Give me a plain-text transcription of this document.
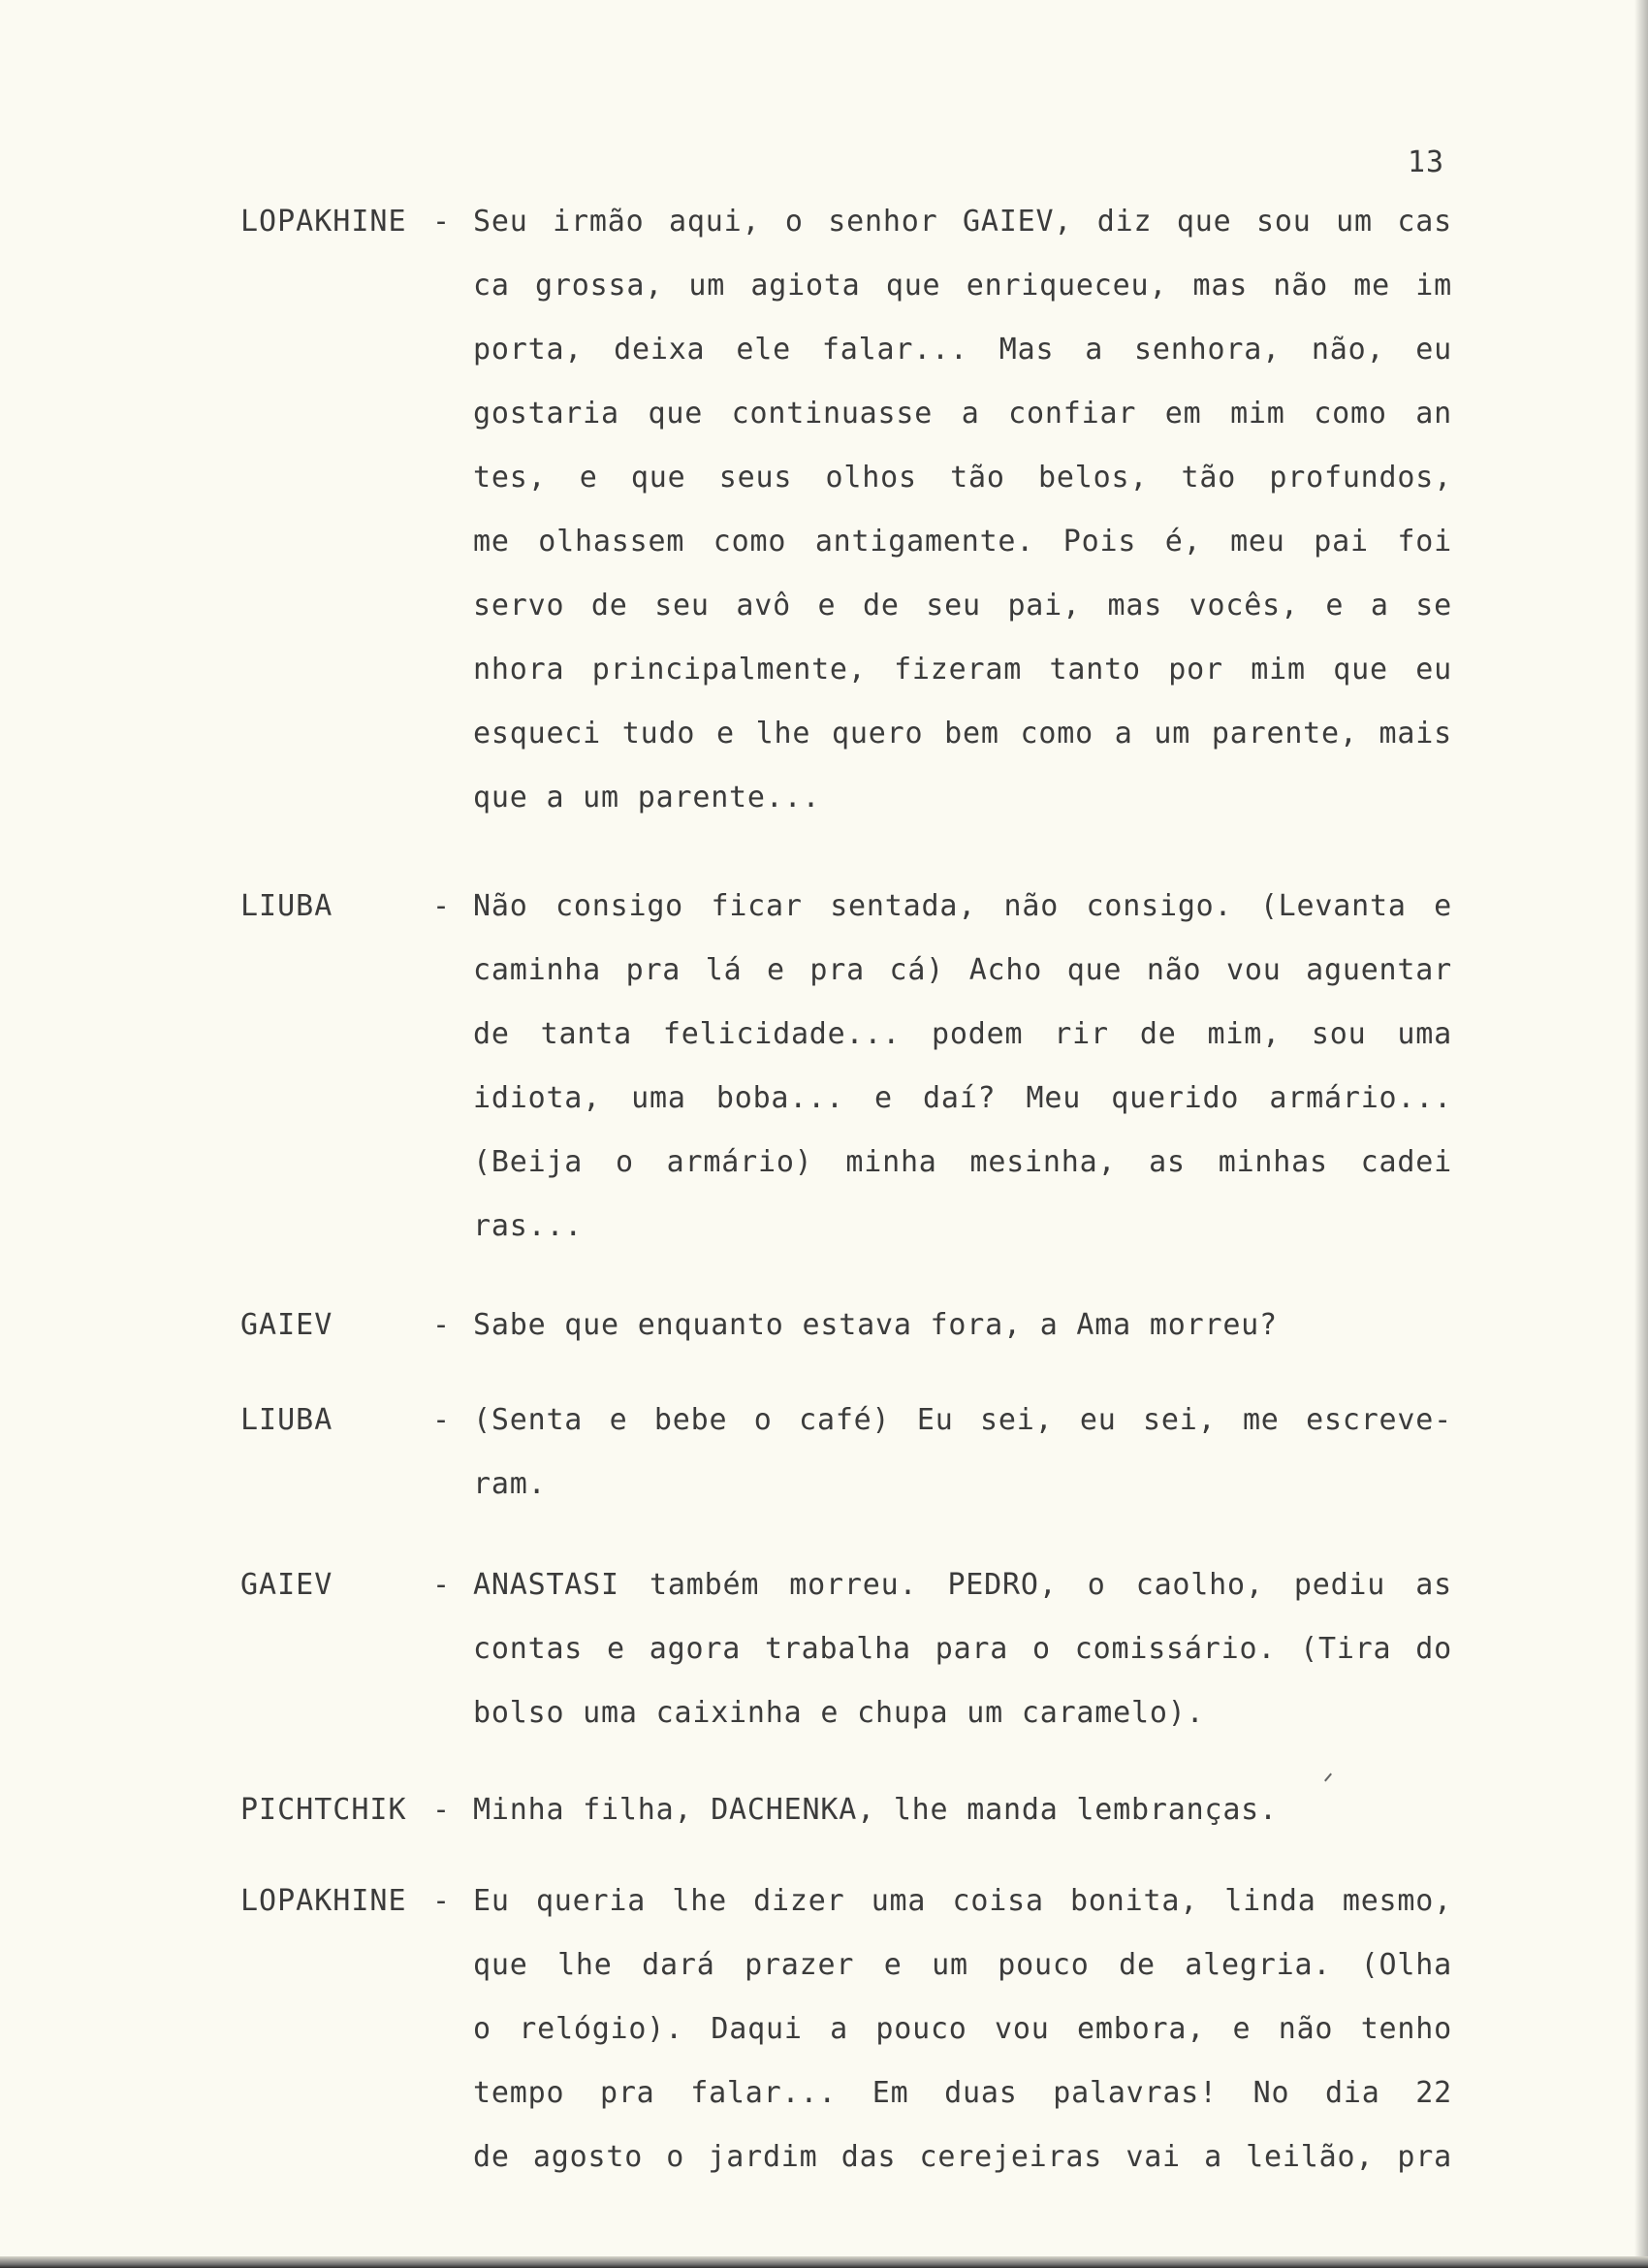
13
LOPAKHINE - Seu irmão aqui, o senhor GAIEV, diz que sou um cas
ca grossa, um agiota que enriqueceu, mas não me im
porta, deixa ele falar... Mas a senhora, não, eu
gostaria que continuasse a confiar em mim como an
tes, e que seus olhos tão belos, tão profundos,
me olhassem como antigamente. Pois é, meu pai foi
servo de seu avô e de seu pai, mas vocês, e a se
nhora principalmente, fizeram tanto por mim que eu
esqueci tudo e lhe quero bem como a um parente, mais
que a um parente...
LIUBA	- Não consigo ficar sentada, não consigo. (Levanta e
caminha pra lá e pra cá) Acho que não vou aguentar
de tanta felicidade... podem rir de mim, sou uma
idiota, uma boba... e daí? Meu querido armário...
(Beija o armário) minha mesinha, as minhas cadei
ras...
GAIEV	- Sabe que enquanto estava fora, a Ama morreu?
LIUBA	- (Senta e bebe o café) Eu sei, eu sei, me escreve-
ram.
GAIEV	- ANASTASI também morreu. PEDRO, o caolho, pediu as
contas e agora trabalha para o comissário. (Tira do
bolso uma caixinha e chupa um caramelo).
PICHTCHIK - Minha filha, DACHENKA, lhe manda lembranças.
LOPAKHINE - Eu queria lhe dizer uma coisa bonita, linda mesmo,
que lhe dará prazer e um pouco de alegria. (Olha
o relógio). Daqui a pouco vou embora, e não tenho
tempo pra falar... Em duas palavras! No dia 22
de agosto o jardim das cerejeiras vai a leilão, pra
